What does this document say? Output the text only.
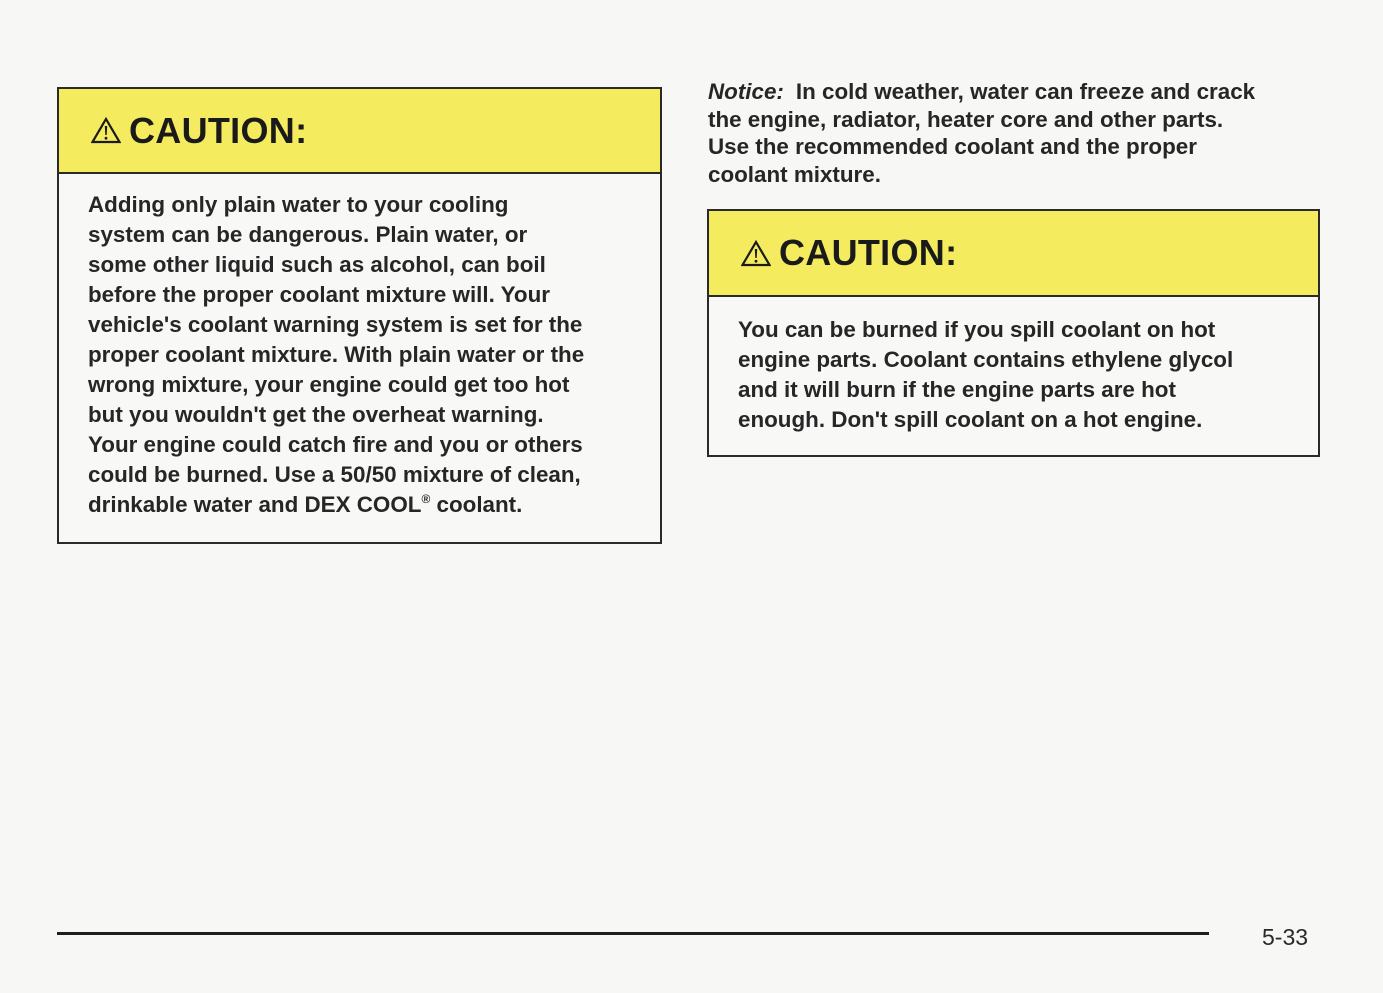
CAUTION:
Adding only plain water to your cooling
system can be dangerous. Plain water, or
some other liquid such as alcohol, can boil
before the proper coolant mixture will. Your
vehicle's coolant warning system is set for the
proper coolant mixture. With plain water or the
wrong mixture, your engine could get too hot
but you wouldn't get the overheat warning.
Your engine could catch fire and you or others
could be burned. Use a 50/50 mixture of clean,
drinkable water and DEX COOL® coolant.
Notice: In cold weather, water can freeze and crack
the engine, radiator, heater core and other parts.
Use the recommended coolant and the proper
coolant mixture.
CAUTION:
You can be burned if you spill coolant on hot
engine parts. Coolant contains ethylene glycol
and it will burn if the engine parts are hot
enough. Don't spill coolant on a hot engine.
5-33
